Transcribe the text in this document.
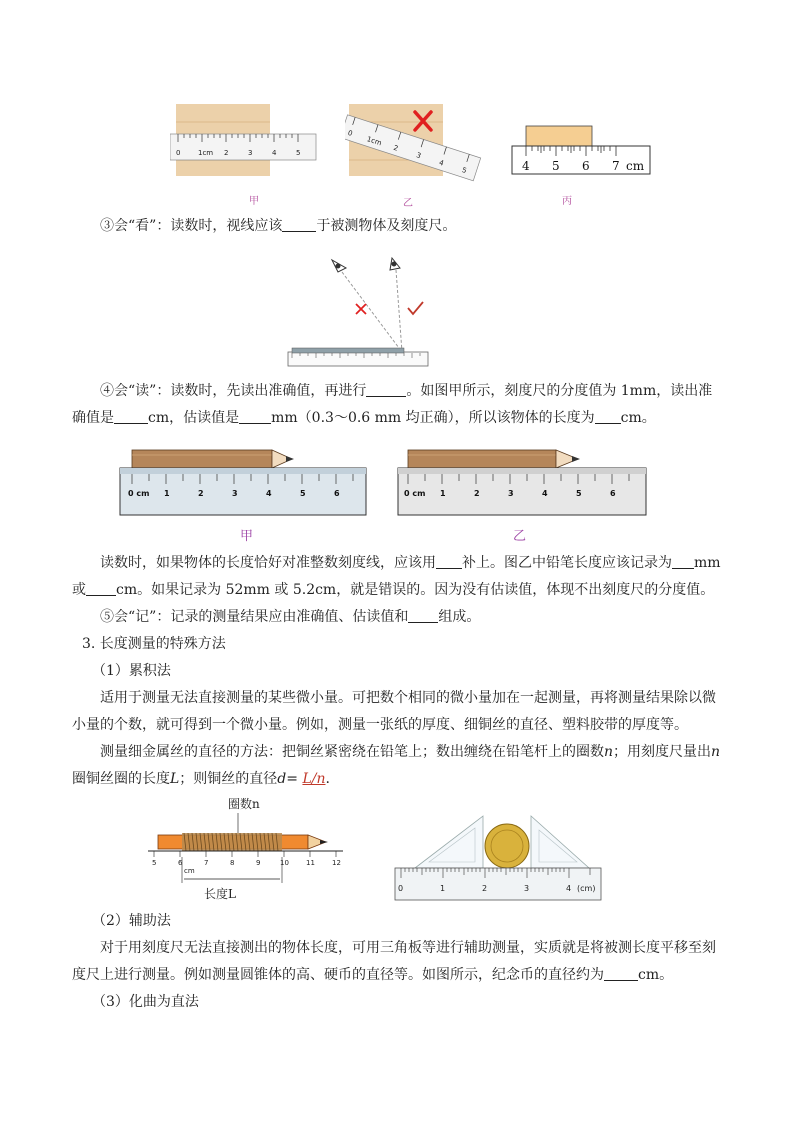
0	1cm 2	3	4	5
0
1cm
2
3
4
5	4 5 6 7 cm
甲	乙	丙
③会“看”：读数时，视线应该 于被测物体及刻度尺。
④会“读”：读数时，先读出准确值，再进行	。如图甲所示，刻度尺的分度值为 1mm，读出准
确值是 cm，估读值是 mm（0.3～0.6 mm 均正确），所以该物体的长度为 cm。
0 cm 1	2	3	4	5	6	0 cm 1	2	3	4	5	6
甲	乙
读数时，如果物体的长度恰好对准整数刻度线，应该用 补上。图乙中铅笔长度应该记录为 mm
或 cm。如果记录为 52mm 或 5.2cm，就是错误的。因为没有估读值，体现不出刻度尺的分度值。
⑤会“记”：记录的测量结果应由准确值、估读值和 组成。
3. 长度测量的特殊方法
（1）累积法
适用于测量无法直接测量的某些微小量。可把数个相同的微小量加在一起测量，再将测量结果除以微小量的个数，就可得到一个微小量。例如，测量一张纸的厚度、细铜丝的直径、塑料胶带的厚度等。
测量细金属丝的直径的方法：把铜丝紧密绕在铅笔上；数出缠绕在铅笔杆上的圈数n；用刻度尺量出n圈铜丝圈的长度L；则铜丝的直径d= L/n.
圈数n
5	6	7	8	9	10 11 12
cm
长度L	0	1	2	3	4 (cm)
（2）辅助法
对于用刻度尺无法直接测出的物体长度，可用三角板等进行辅助测量，实质就是将被测长度平移至刻度尺上进行测量。例如测量圆锥体的高、硬币的直径等。如图所示，纪念币的直径约为 cm。
（3）化曲为直法
